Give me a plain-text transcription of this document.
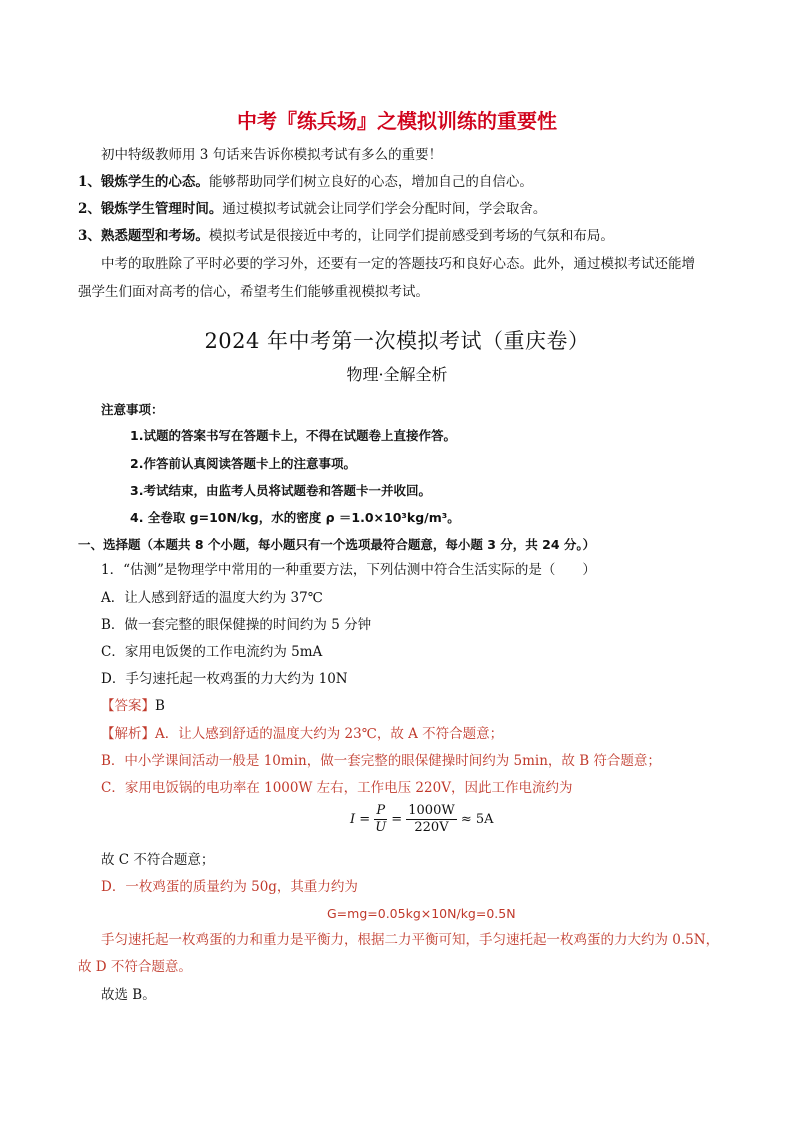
中考『练兵场』之模拟训练的重要性
初中特级教师用 3 句话来告诉你模拟考试有多么的重要！
1、锻炼学生的心态。能够帮助同学们树立良好的心态，增加自己的自信心。
2、锻炼学生管理时间。通过模拟考试就会让同学们学会分配时间，学会取舍。
3、熟悉题型和考场。模拟考试是很接近中考的，让同学们提前感受到考场的气氛和布局。
中考的取胜除了平时必要的学习外，还要有一定的答题技巧和良好心态。此外，通过模拟考试还能增
强学生们面对高考的信心，希望考生们能够重视模拟考试。
2024 年中考第一次模拟考试（重庆卷）
物理·全解全析
注意事项：
1.试题的答案书写在答题卡上，不得在试题卷上直接作答。
2.作答前认真阅读答题卡上的注意事项。
3.考试结束，由监考人员将试题卷和答题卡一并收回。
4. 全卷取 g=10N/kg，水的密度 ρ ＝1.0×10³kg/m³。
一、选择题（本题共 8 个小题，每小题只有一个选项最符合题意，每小题 3 分，共 24 分。）
1．“估测”是物理学中常用的一种重要方法，下列估测中符合生活实际的是（　　）
A．让人感到舒适的温度大约为 37℃
B．做一套完整的眼保健操的时间约为 5 分钟
C．家用电饭煲的工作电流约为 5mA
D．手匀速托起一枚鸡蛋的力大约为 10N
【答案】B
【解析】A．让人感到舒适的温度大约为 23℃，故 A 不符合题意；
B．中小学课间活动一般是 10min，做一套完整的眼保健操时间约为 5min，故 B 符合题意；
C．家用电饭锅的电功率在 1000W 左右，工作电压 220V，因此工作电流约为
$I = \frac{P}{U} = \frac{1000W}{220V} \approx 5A$
故 C 不符合题意；
D．一枚鸡蛋的质量约为 50g，其重力约为
G=mg=0.05kg×10N/kg=0.5N
手匀速托起一枚鸡蛋的力和重力是平衡力，根据二力平衡可知，手匀速托起一枚鸡蛋的力大约为 0.5N，
故 D 不符合题意。
故选 B。
